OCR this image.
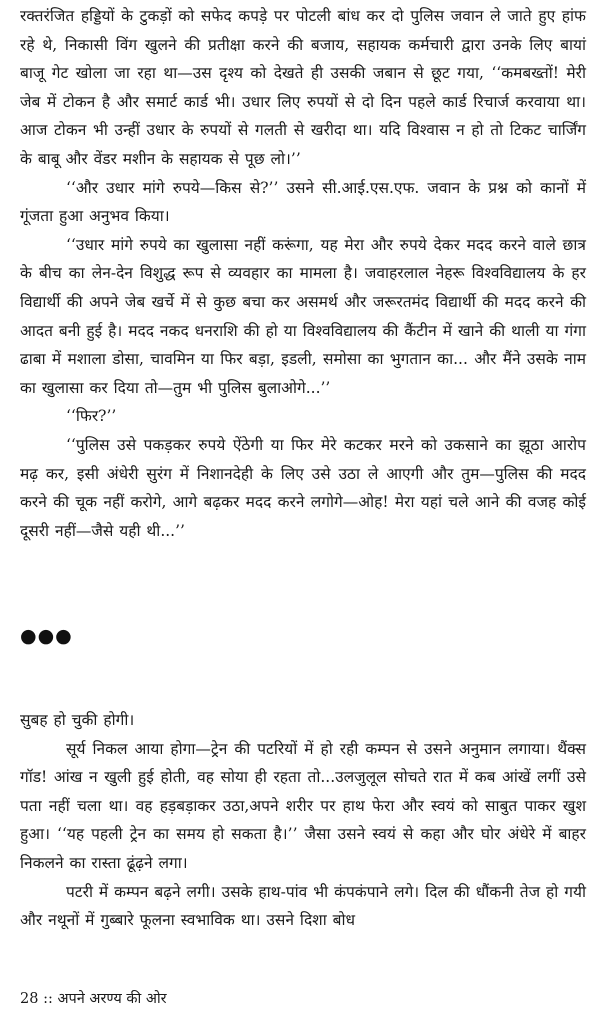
रक्तरंजित हड्डियों के टुकड़ों को सफेद कपड़े पर पोटली बांध कर दो पुलिस जवान ले जाते हुए हांफ रहे थे, निकासी विंग खुलने की प्रतीक्षा करने की बजाय, सहायक कर्मचारी द्वारा उनके लिए बायां बाजू गेट खोला जा रहा था—उस दृश्य को देखते ही उसकी जबान से छूट गया, ‘‘कमबख्तों! मेरी जेब में टोकन है और समार्ट कार्ड भी। उधार लिए रुपयों से दो दिन पहले कार्ड रिचार्ज करवाया था। आज टोकन भी उन्हीं उधार के रुपयों से गलती से खरीदा था। यदि विश्वास न हो तो टिकट चार्जिंग के बाबू और वेंडर मशीन के सहायक से पूछ लो।’’

‘‘और उधार मांगे रुपये—किस से?’’ उसने सी.आई.एस.एफ. जवान के प्रश्न को कानों में गूंजता हुआ अनुभव किया।

‘‘उधार मांगे रुपये का खुलासा नहीं करूंगा, यह मेरा और रुपये देकर मदद करने वाले छात्र के बीच का लेन-देन विशुद्ध रूप से व्यवहार का मामला है। जवाहरलाल नेहरू विश्वविद्यालय के हर विद्यार्थी की अपने जेब खर्चे में से कुछ बचा कर असमर्थ और जरूरतमंद विद्यार्थी की मदद करने की आदत बनी हुई है। मदद नकद धनराशि की हो या विश्वविद्यालय की कैंटीन में खाने की थाली या गंगा ढाबा में मशाला डोसा, चावमिन या फिर बड़ा, इडली, समोसा का भुगतान का... और मैंने उसके नाम का खुलासा कर दिया तो—तुम भी पुलिस बुलाओगे...’’

‘‘फिर?’’

‘‘पुलिस उसे पकड़कर रुपये ऐंठेगी या फिर मेरे कटकर मरने को उकसाने का झूठा आरोप मढ़ कर, इसी अंधेरी सुरंग में निशानदेही के लिए उसे उठा ले आएगी और तुम—पुलिस की मदद करने की चूक नहीं करोगे, आगे बढ़कर मदद करने लगोगे—ओह! मेरा यहां चले आने की वजह कोई दूसरी नहीं—जैसे यही थी...’’

●●●

सुबह हो चुकी होगी।

सूर्य निकल आया होगा—ट्रेन की पटरियों में हो रही कम्पन से उसने अनुमान लगाया। थैंक्स गॉड! आंख न खुली हुई होती, वह सोया ही रहता तो...उलजुलूल सोचते रात में कब आंखें लगीं उसे पता नहीं चला था। वह हड़बड़ाकर उठा,अपने शरीर पर हाथ फेरा और स्वयं को साबुत पाकर खुश हुआ। ‘‘यह पहली ट्रेन का समय हो सकता है।’’ जैसा उसने स्वयं से कहा और घोर अंधेरे में बाहर निकलने का रास्ता ढूंढ़ने लगा।

पटरी में कम्पन बढ़ने लगी। उसके हाथ-पांव भी कंपकंपाने लगे। दिल की धौंकनी तेज हो गयी और नथूनों में गुब्बारे फूलना स्वभाविक था। उसने दिशा बोध

28 :: अपने अरण्य की ओर
